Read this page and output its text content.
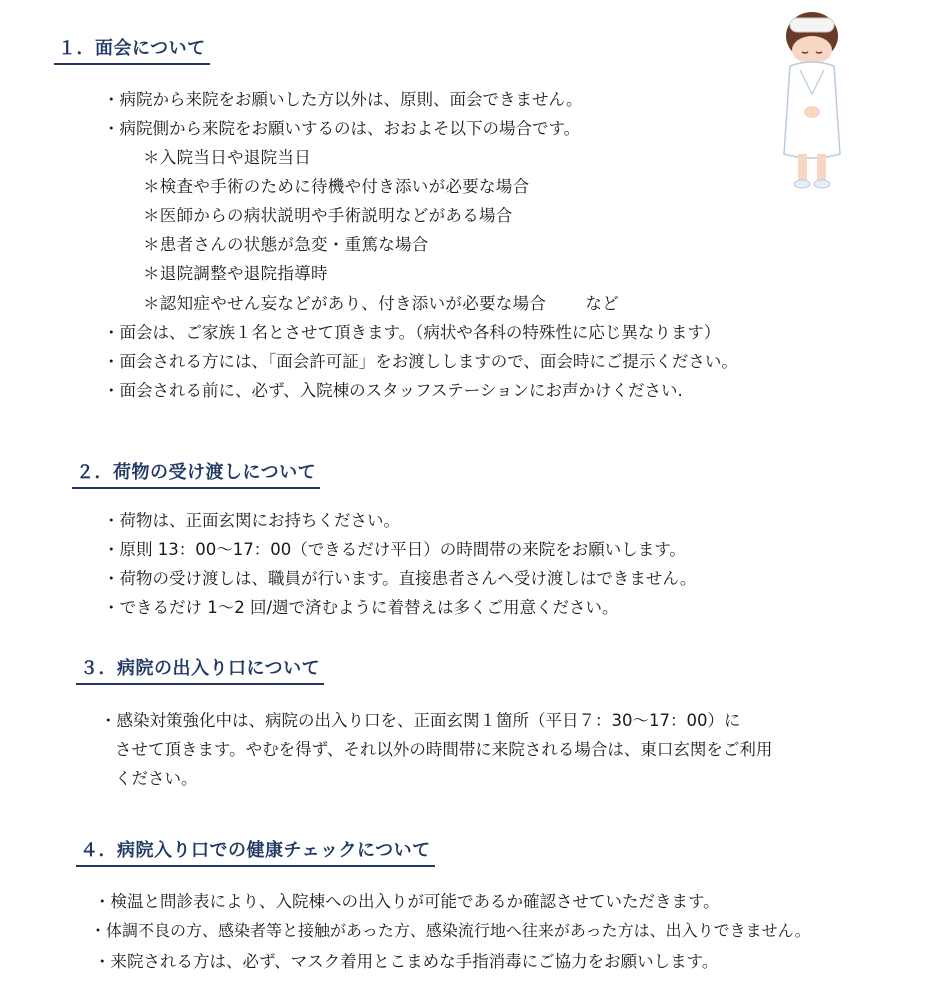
１．面会について
・病院から来院をお願いした方以外は、原則、面会できません。
・病院側から来院をお願いするのは、おおよそ以下の場合です。
＊入院当日や退院当日
＊検査や手術のために待機や付き添いが必要な場合
＊医師からの病状説明や手術説明などがある場合
＊患者さんの状態が急変・重篤な場合
＊退院調整や退院指導時
＊認知症やせん妄などがあり、付き添いが必要な場合　　 など
・面会は、ご家族１名とさせて頂きます。（病状や各科の特殊性に応じ異なります）
・面会される方には、「面会許可証」をお渡ししますので、面会時にご提示ください。
・面会される前に、必ず、入院棟のスタッフステーションにお声かけください.
２．荷物の受け渡しについて
・荷物は、正面玄関にお持ちください。
・原則 13：00～17：00（できるだけ平日）の時間帯の来院をお願いします。
・荷物の受け渡しは、職員が行います。直接患者さんへ受け渡しはできません。
・できるだけ 1～2 回/週で済むように着替えは多くご用意ください。
３．病院の出入り口について
・感染対策強化中は、病院の出入り口を、正面玄関１箇所（平日７：30～17：00）に
させて頂きます。やむを得ず、それ以外の時間帯に来院される場合は、東口玄関をご利用
ください。
４．病院入り口での健康チェックについて
・検温と問診表により、入院棟への出入りが可能であるか確認させていただきます。
・体調不良の方、感染者等と接触があった方、感染流行地へ往来があった方は、出入りできません。
・来院される方は、必ず、マスク着用とこまめな手指消毒にご協力をお願いします。
